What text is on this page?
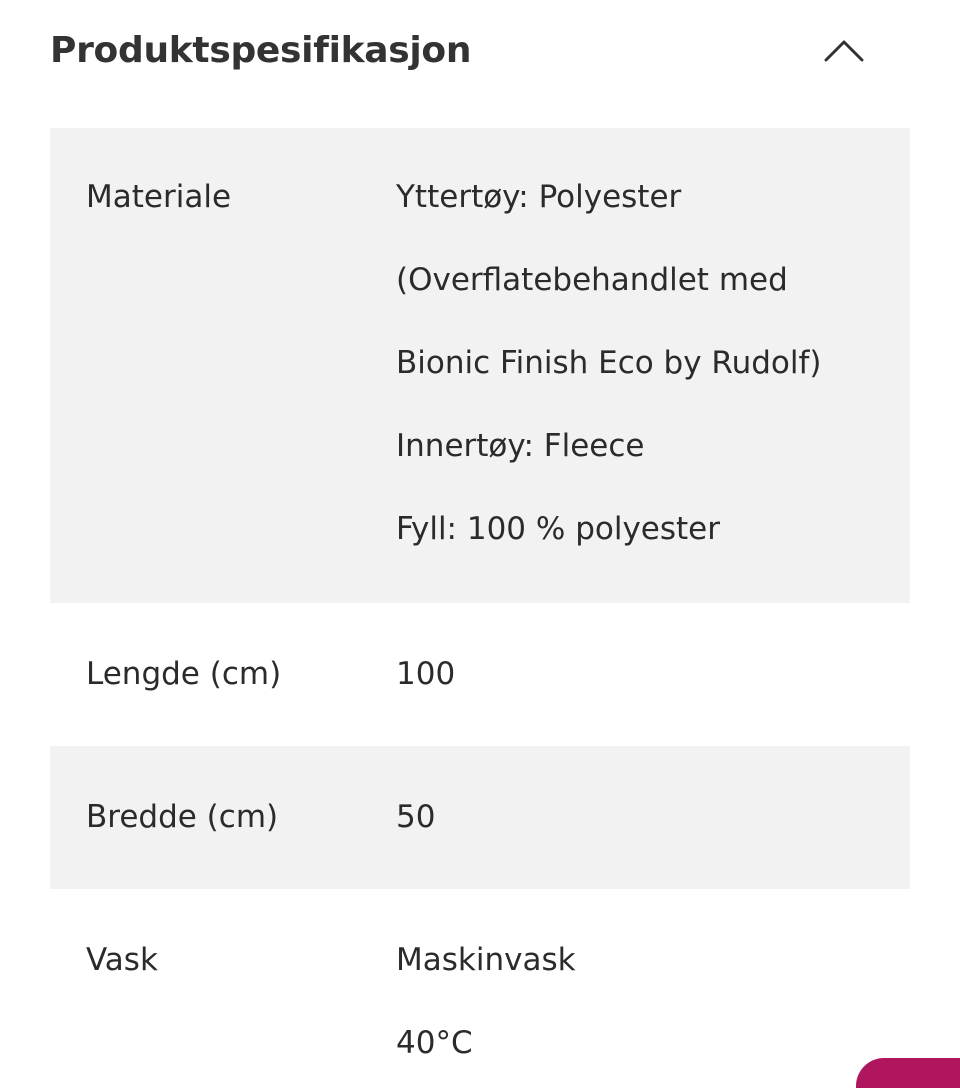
Produktspesifikasjon
Materiale	Yttertøy: Polyester
(Overflatebehandlet med
Bionic Finish Eco by Rudolf)
Innertøy: Fleece
Fyll: 100 % polyester
Lengde (cm)	100
Bredde (cm)	50
Vask	Maskinvask
40°C
